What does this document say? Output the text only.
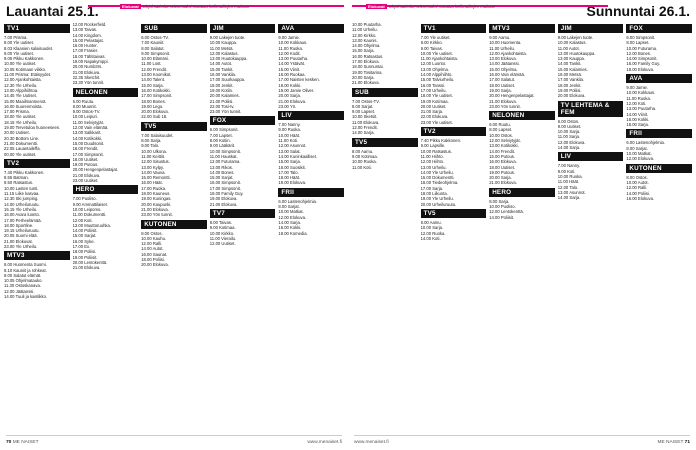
Lauantai 25.1.	Elokuvat Ohjelmatiedot seitsemäksi muuttua kellonaikojen mukaan
TV1
7.00 Prisma.
8.00 Yle uutiset.
8.03 Klaanien salaisuudet.
9.00 Yle uutiset.
9.05 Pikku Kakkonen.
10.00 Yle uutiset.
10.05 Kotimaan viikko.
11.00 Prisma: Etäisyydet.
12.00 Ajankohtaista.
12.30 Yle Urheilu.
13.00 Alppihiihtoa.
14.45 Yle Uutiset.
15.00 Maailmanmenot.
16.00 Suurenmoista.
17.00 Prisma.
18.00 Yle uutiset.
18.15 Yle Urheilu.
19.00 Tervetuloa huoneeseen.
20.00 Uutiset.
20.30 Bottom Line.
21.00 Dokumentti.
22.05 Lauantaileffa.
00.00 Yle uutiset.
TV2
7.40 Pikku Kakkonen.
8.55 Batman.
9.50 Ratsastus.
10.00 Lasten tunti.
11.15 Liike kasvaa.
12.30 Ski jumping.
14.00 Urheiluruutu.
15.15 Yle Urheilu.
16.00 Avara luonto.
17.00 Perheelämää.
18.00 Sportline.
19.15 Urheiluruutu.
20.05 Suomi elää.
21.00 Elokuvat.
23.00 Yle Urheilu.
MTV3
6.00 Huomenta Suomi.
8.10 Kauniit ja rohkeat.
9.00 Salatut elämät.
10.05 Ohjelmatauko.
11.30 Ostoskanava.
12.00 Jäätanssi.
14.00 Tuuli ja kaislikko.
12.00 Rockerfield.
13.00 Taivas.
14.00 Kingdom.
15.00 Pelastajat.
16.00 Hunter.
17.00 Frasier.
18.00 Tähtitaivas.
19.00 Napakymppi.
20.00 Numb3rs.
21.00 Elokuva.
22.35 Sketchit.
23.30 Yön tunnit.
NELONEN
6.00 Ruutu.
8.00 Muumit.
9.00 Ostos-TV.
10.00 Leipuri.
11.00 Selviytyjät.
12.00 Vain elämää.
13.00 Salkkarit.
14.00 Kotikokki.
15.00 Duudsonit.
16.00 Frendit.
17.00 Simpsonit.
18.00 Uutiset.
19.00 Putous.
20.00 Hengenpelastajat.
21.00 Elokuva.
23.00 Uutiset.
HERO
7.00 Puoliso.
9.00 Ammattilaiset.
10.00 Leipomo.
11.00 Dokumentti.
12.00 Koti.
13.00 Muuttoruuhka.
14.00 Poliisit.
15.00 Sarjat.
16.00 Syke.
17.00 Ex.
18.00 Poliisi.
19.00 Poliisit.
20.00 Lentokenttä.
21.00 Elokuva.
SUB
6.00 Ostos-TV.
7.00 Kauniit.
8.00 Salatut.
9.00 Simpsonit.
10.00 Elämäni.
11.00 Lost.
12.00 Frendit.
13.00 Koomikot.
14.00 Talent.
15.00 Sarja.
16.00 Kotikokki.
17.00 Simpsonit.
18.00 Bones.
19.00 Lego.
20.00 Elokuva.
22.00 Sub 18.
TV5
7.00 Salaisuudet.
8.00 Sarja.
9.00 Talo.
10.00 Ulkona.
11.00 Keittiö.
12.00 Sisustus.
13.00 Kylpy.
14.00 Vauva.
15.00 Remontti.
16.00 Häät.
17.00 Ruoka.
18.00 Kauneus.
19.00 Kuningas.
20.00 Kaupunki.
21.00 Elokuva.
23.00 Yön tunnit.
KUTONEN
8.00 Ostos.
10.00 Kauhu.
12.00 Ralli.
14.00 Autot.
16.00 Saunat.
18.00 Poliisi.
20.00 Elokuva.
JIM
9.00 Lakejen tuote.
10.00 Kauppa.
11.00 Metsä.
12.00 Kalastus.
13.00 Huutokauppa.
14.00 Autot.
15.00 Tankit.
16.00 Vankila.
17.00 Suurkauppa.
18.00 Jenkit.
19.00 Kotiin.
20.00 Kalamies.
21.00 Poliisi.
22.00 Tosi-tv.
23.00 Yön tunnit.
FOX
6.00 Simpsonit.
7.00 Lapset.
8.00 Kotiin.
9.00 Lääkärit.
10.00 Simpsonit.
11.00 Hauskat.
12.00 Futurama.
13.00 Rikos.
14.00 Bones.
15.00 Sarjat.
16.00 Simpsonit.
17.00 Simpsonit.
18.00 Family Guy.
19.00 Elokuva.
21.00 Elokuva.
TV7
8.00 Taivas.
9.00 Kotimaa.
10.00 Kirkko.
11.00 Vierailu.
12.00 Uutiset.
AVA
9.00 Jamie.
10.00 Kokkaus.
11.00 Ruoka.
12.00 Kodit.
13.00 Puutarha.
14.00 Ystävät.
15.00 Viinit.
16.00 Ruokaa.
17.00 Naisten kesken.
18.00 Kokki.
19.00 Jamie Oliver.
20.00 Sarja.
21.00 Elokuva.
23.00 Yö.
LIV
7.00 Nanny.
9.00 Ruoka.
10.00 Häät.
11.00 Koti.
12.00 Asunnot.
13.00 Salat.
14.00 Kuninkaalliset.
15.00 Sarja.
16.00 Suosikit.
17.00 Talo.
18.00 Häät.
19.00 Elokuva.
FRII
6.00 Lastenohjelmia.
8.00 Sarjat.
10.00 Matkat.
12.00 Elokuva.
14.00 Sarja.
16.00 Kokki.
18.00 Komedia.
70 ME NAISET	www.menaiset.fi
Sunnuntai 26.1.
Elokuvat Ohjelmatiedot seitsemäksi muuttua kellonaikojen mukaan
10.00 Puutarha.
11.00 Urheilu.
12.00 Kirkko.
13.00 Kaunis.
14.00 Ohjelma.
15.00 Sarja.
16.00 Ratsastus.
17.00 Elokuva.
18.00 Sunnuntai.
19.00 Tositarina.
20.00 Sarja.
21.00 Elokuva.
SUB
7.00 Ostos-TV.
8.00 Sarjat.
9.00 Lapset.
10.00 Sketsit.
11.00 Elokuva.
12.00 Frendit.
14.00 Sarja.
TV5
8.00 Aamu.
9.00 Kotimaa.
10.00 Ruoka.
11.00 Koti.
TV1
7.00 Yle uutiset.
8.00 Kirkko.
9.00 Taivas.
10.00 Yle uutiset.
11.00 Ajankohtaista.
12.00 Luonto.
13.00 Ohjelma.
14.00 Alppihiihto.
15.00 Talviurheilu.
16.00 Tanssi.
17.00 Urheilu.
18.00 Yle uutiset.
19.00 Kotimaa.
20.00 Uutiset.
21.00 Sarja.
22.00 Elokuva.
23.00 Yle uutiset.
TV2
7.40 Pikku Kakkonen.
9.00 Lapsille.
10.00 Ratsastus.
11.00 Hiihto.
12.00 Hiihto.
13.00 Urheilu.
14.00 Yle Urheilu.
15.00 Dokumentti.
16.00 Tiedeohjelma.
17.00 Sarja.
18.00 Liikunta.
19.00 Yle Urheilu.
20.00 Urheiluruutu.
TV5
8.00 Aamu.
10.00 Sarja.
12.00 Ruoka.
14.00 Koti.
MTV3
9.00 Aamu.
10.00 Huomenta.
11.00 Urheilu.
12.00 Ajankohtaista.
13.00 Elokuva.
14.00 Jäätanssi.
15.00 Ohjelma.
16.00 Vain elämää.
17.00 Salatut.
18.00 Uutiset.
19.00 Sarja.
20.00 Hengenpelastajat.
21.00 Elokuva.
23.00 Yön tunnit.
NELONEN
6.00 Ruutu.
8.00 Lapset.
10.00 Ostos.
12.00 Selviytyjät.
13.00 Kotikokki.
14.00 Frendit.
15.00 Putous.
16.00 Elokuva.
18.00 Uutiset.
19.00 Putous.
20.00 Sarja.
21.00 Elokuva.
HERO
8.00 Sarja.
10.00 Puoliso.
12.00 Lentokenttä.
14.00 Poliisit.
JIM
9.00 Lakejen tuote.
10.00 Kalastus.
11.00 Autot.
12.00 Huutokauppa.
13.00 Kauppa.
14.00 Tankit.
15.00 Kalamies.
16.00 Metsä.
17.00 Vankila.
18.00 Jenkit.
19.00 Poliisi.
20.00 Elokuva.
TV LEHTEMA & FEM
6.00 Ostos.
9.00 Uutiset.
10.00 Sarja.
11.00 Sarja.
12.00 Elokuva.
14.00 Sarja.
LIV
7.00 Nanny.
9.00 Koti.
10.00 Ruoka.
11.00 Häät.
12.00 Talo.
13.00 Asunnot.
14.00 Sarja.
FOX
6.00 Simpsonit.
8.00 Lapset.
10.00 Futurama.
12.00 Bones.
14.00 Simpsonit.
16.00 Family Guy.
18.00 Elokuva.
AVA
9.00 Jamie.
10.00 Kokkaus.
11.00 Ruoka.
12.00 Koti.
13.00 Puutarha.
14.00 Viinit.
16.00 Kokki.
18.00 Sarja.
FRII
6.00 Lastenohjelmia.
8.00 Sarjat.
10.00 Matkat.
12.00 Elokuva.
KUTONEN
8.00 Ostos.
10.00 Autot.
12.00 Ralli.
14.00 Poliisi.
16.00 Elokuva.
www.menaiset.fi	ME NAISET 71
